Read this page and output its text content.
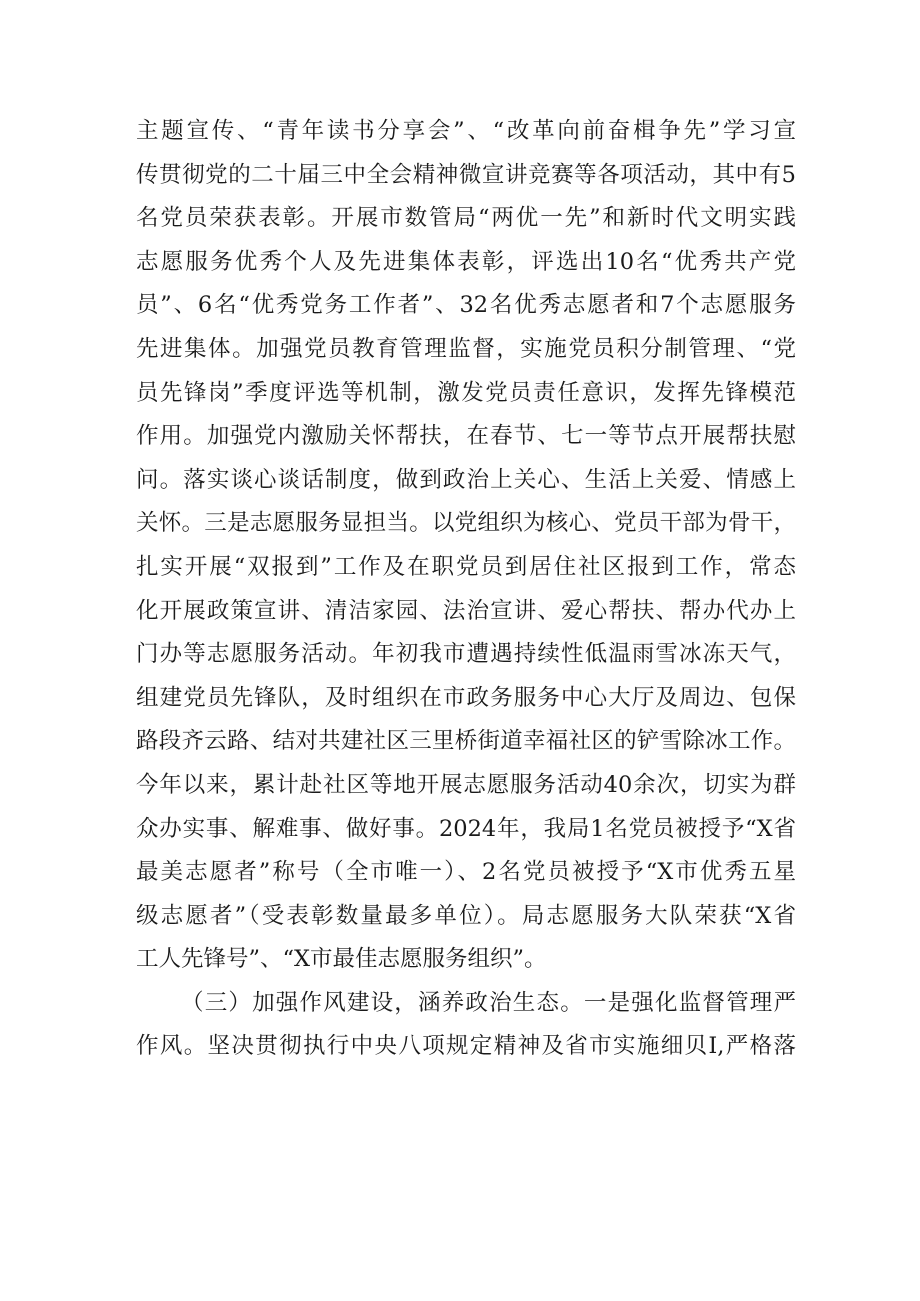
主题宣传、“青年读书分享会”、“改革向前奋楫争先”学习宣
传贯彻党的二十届三中全会精神微宣讲竞赛等各项活动，其中有5
名党员荣获表彰。开展市数管局“两优一先”和新时代文明实践
志愿服务优秀个人及先进集体表彰，评选出10名“优秀共产党
员”、6名“优秀党务工作者”、32名优秀志愿者和7个志愿服务
先进集体。加强党员教育管理监督，实施党员积分制管理、“党
员先锋岗”季度评选等机制，激发党员责任意识，发挥先锋模范
作用。加强党内激励关怀帮扶，在春节、七一等节点开展帮扶慰
问。落实谈心谈话制度，做到政治上关心、生活上关爱、情感上
关怀。三是志愿服务显担当。以党组织为核心、党员干部为骨干，
扎实开展“双报到”工作及在职党员到居住社区报到工作，常态
化开展政策宣讲、清洁家园、法治宣讲、爱心帮扶、帮办代办上
门办等志愿服务活动。年初我市遭遇持续性低温雨雪冰冻天气，
组建党员先锋队，及时组织在市政务服务中心大厅及周边、包保
路段齐云路、结对共建社区三里桥街道幸福社区的铲雪除冰工作。
今年以来，累计赴社区等地开展志愿服务活动40余次，切实为群
众办实事、解难事、做好事。2024年，我局1名党员被授予“X省
最美志愿者”称号（全市唯一）、2名党员被授予“X市优秀五星
级志愿者”（受表彰数量最多单位）。局志愿服务大队荣获“X省
工人先锋号”、“X市最佳志愿服务组织”。
（三）加强作风建设，涵养政治生态。一是强化监督管理严
作风。坚决贯彻执行中央八项规定精神及省市实施细贝I,严格落
